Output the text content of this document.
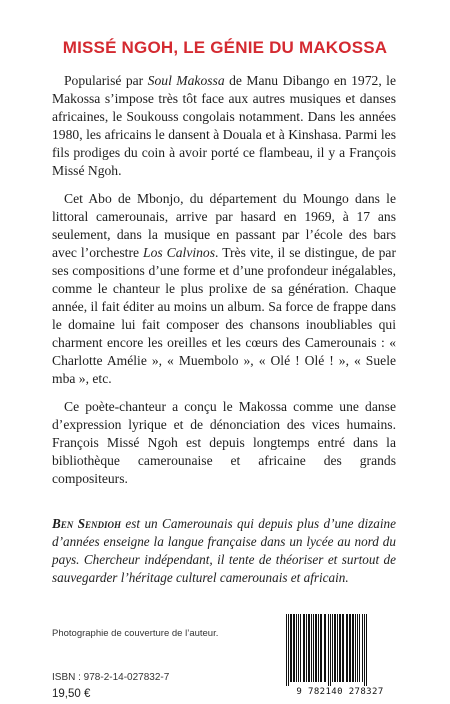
MISSÉ NGOH, LE GÉNIE DU MAKOSSA

Popularisé par Soul Makossa de Manu Dibango en 1972, le Makossa s’impose très tôt face aux autres musiques et danses africaines, le Soukouss congolais notamment. Dans les années 1980, les africains le dansent à Douala et à Kinshasa. Parmi les fils prodiges du coin à avoir porté ce flambeau, il y a François Missé Ngoh.

Cet Abo de Mbonjo, du département du Moungo dans le littoral camerounais, arrive par hasard en 1969, à 17 ans seulement, dans la musique en passant par l’école des bars avec l’orchestre Los Calvinos. Très vite, il se distingue, de par ses compositions d’une forme et d’une profondeur inégalables, comme le chanteur le plus prolixe de sa génération. Chaque année, il fait éditer au moins un album. Sa force de frappe dans le domaine lui fait composer des chansons inoubliables qui charment encore les oreilles et les cœurs des Camerounais : « Charlotte Amélie », « Muembolo », « Olé ! Olé ! », « Suele mba », etc.

Ce poète-chanteur a conçu le Makossa comme une danse d’expression lyrique et de dénonciation des vices humains. François Missé Ngoh est depuis longtemps entré dans la bibliothèque camerounaise et africaine des grands compositeurs.

Ben Sendioh est un Camerounais qui depuis plus d’une dizaine d’années enseigne la langue française dans un lycée au nord du pays. Chercheur indépendant, il tente de théoriser et surtout de sauvegarder l’héritage culturel camerounais et africain.
Photographie de couverture de l’auteur.
ISBN : 978-2-14-027832-7
19,50 €	9 782140 278327
